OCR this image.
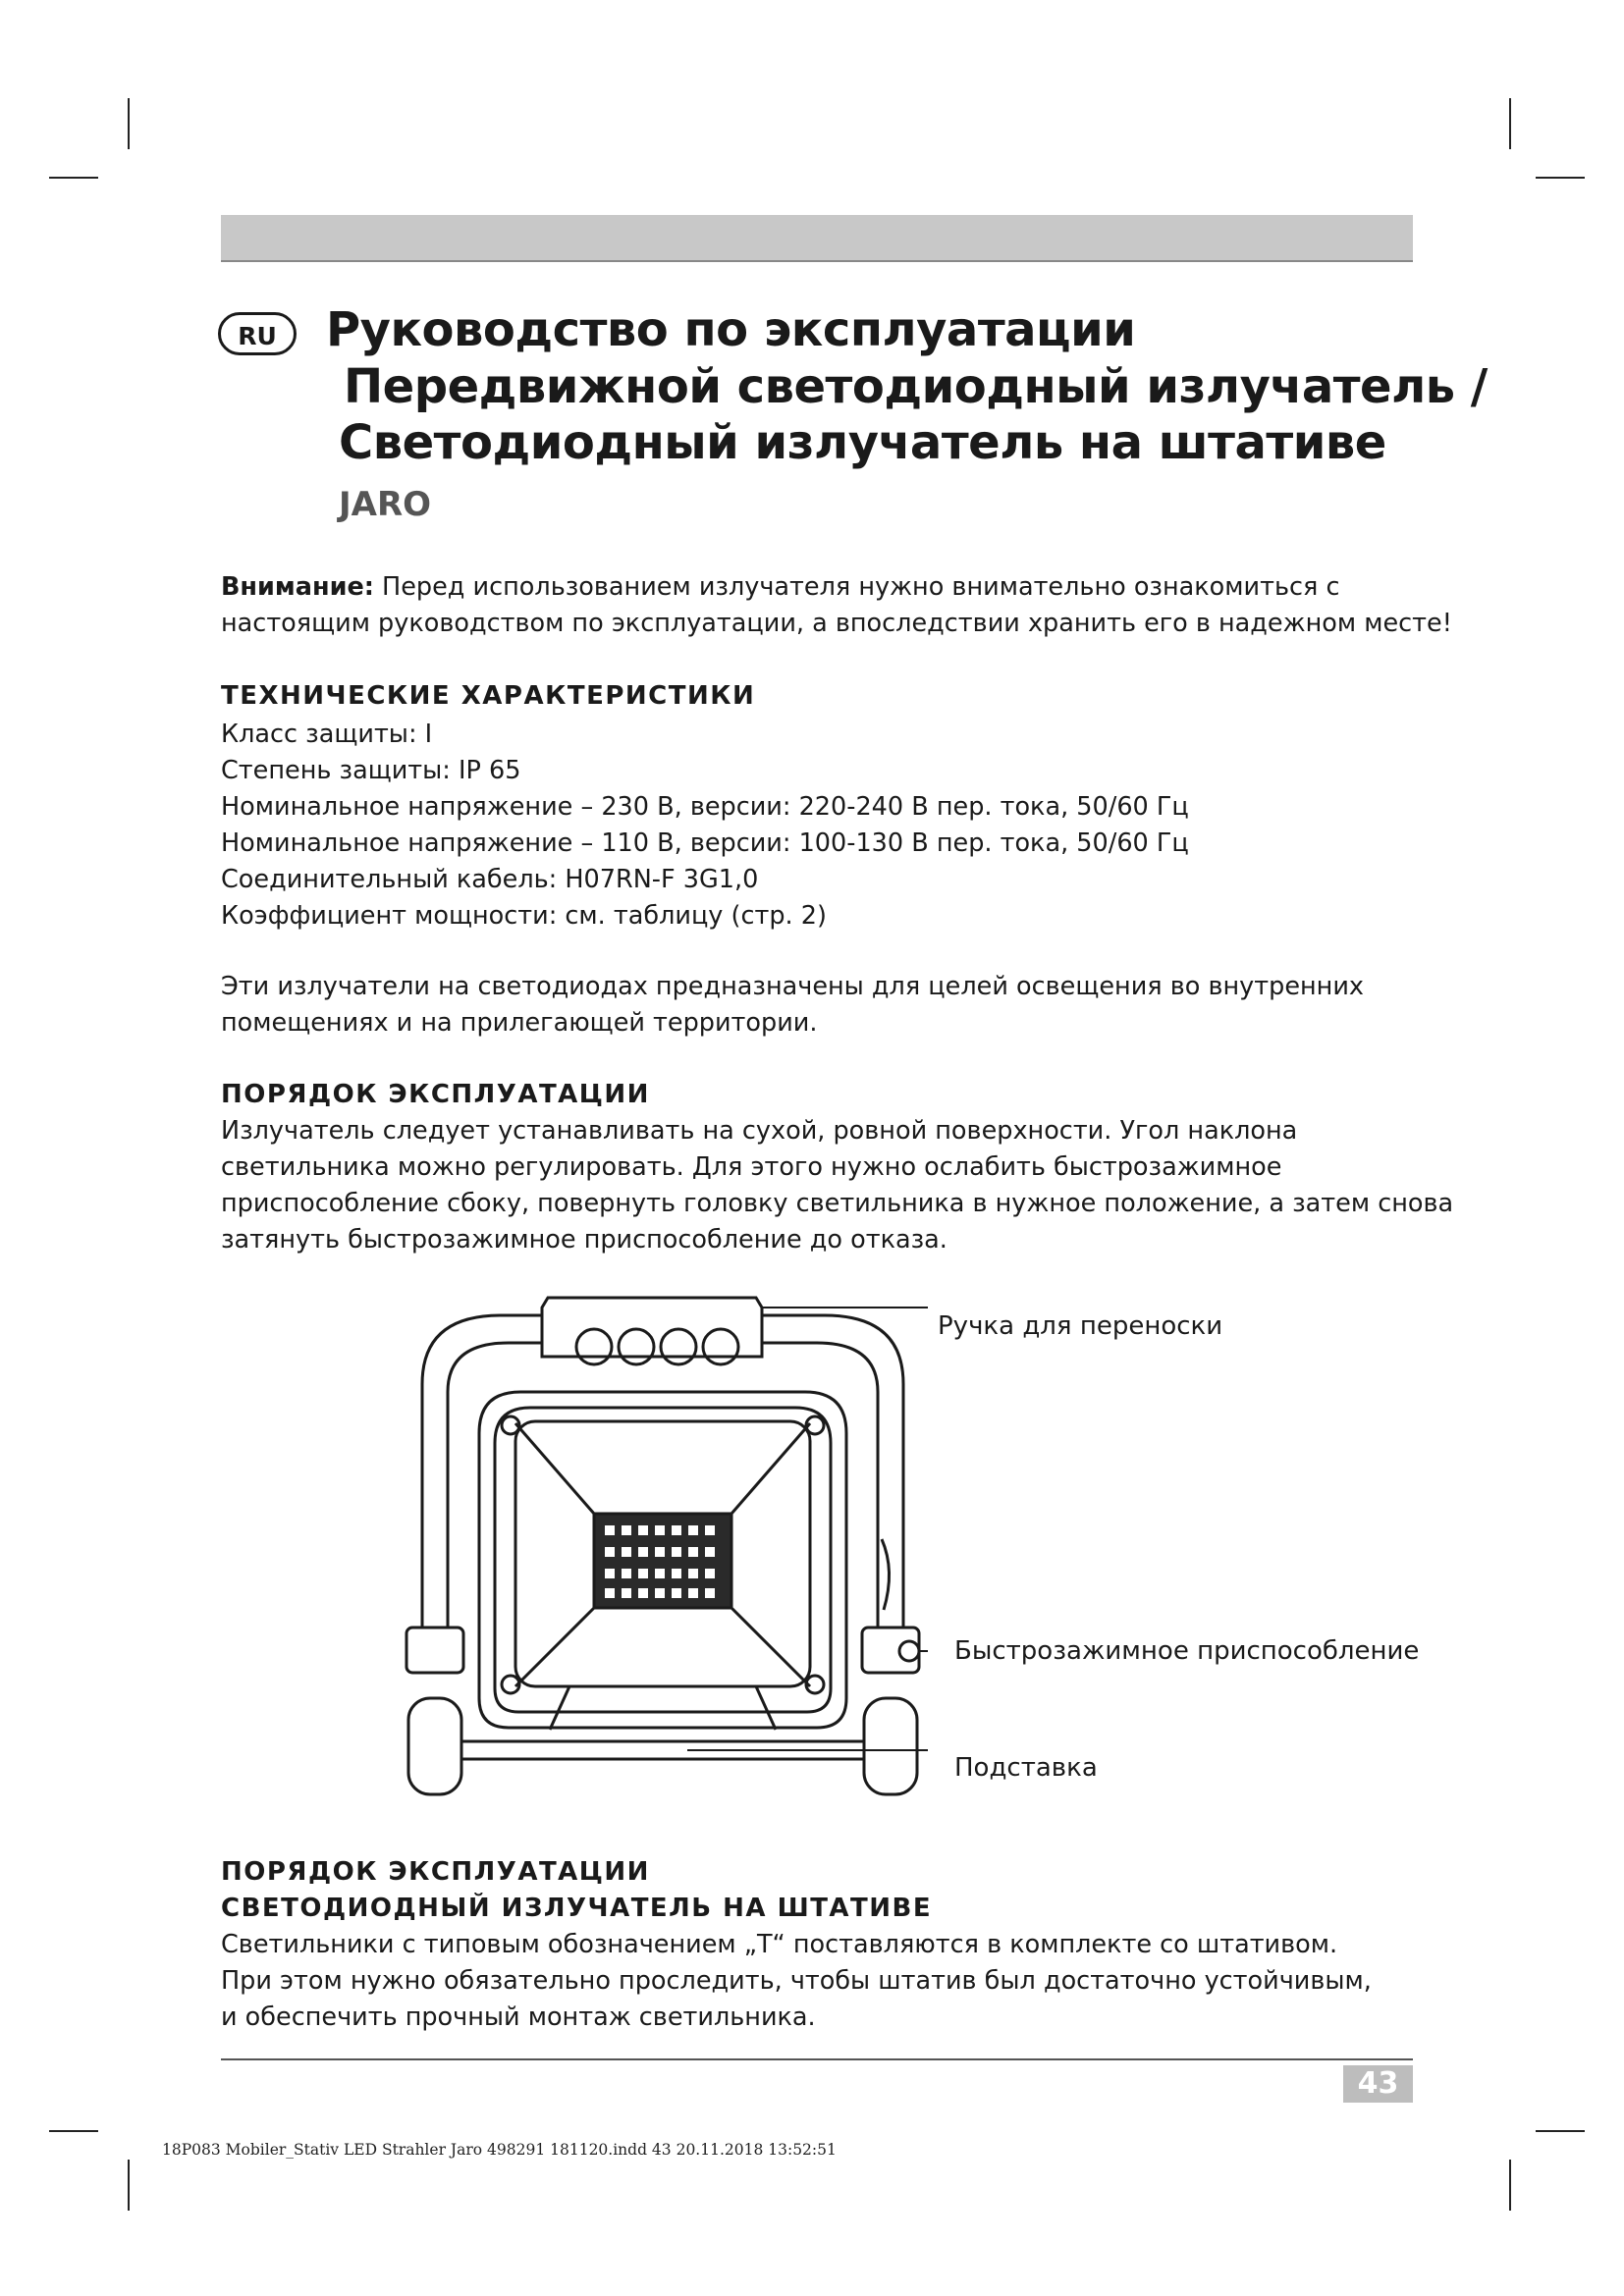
RU	Руководство по эксплуатации
Передвижной светодиодный излучатель /
Светодиодный излучатель на штативе
JARO
Внимание: Перед использованием излучателя нужно внимательно ознакомиться с
настоящим руководством по эксплуатации, а впоследствии хранить его в надежном месте!
ТЕХНИЧЕСКИЕ ХАРАКТЕРИСТИКИ
Класс защиты: I
Степень защиты: IP 65
Номинальное напряжение – 230 В, версии: 220-240 В пер. тока, 50/60 Гц
Номинальное напряжение – 110 В, версии: 100-130 В пер. тока, 50/60 Гц
Соединительный кабель: H07RN-F 3G1,0
Коэффициент мощности: см. таблицу (стр. 2)
Эти излучатели на светодиодах предназначены для целей освещения во внутренних
помещениях и на прилегающей территории.
ПОРЯДОК ЭКСПЛУАТАЦИИ
Излучатель следует устанавливать на сухой, ровной поверхности. Угол наклона
светильника можно регулировать. Для этого нужно ослабить быстрозажимное
приспособление сбоку, повернуть головку светильника в нужное положение, а затем снова
затянуть быстрозажимное приспособление до отказа.
Ручка для переноски
Быстрозажимное приспособление
Подставка
ПОРЯДОК ЭКСПЛУАТАЦИИ
СВЕТОДИОДНЫЙ ИЗЛУЧАТЕЛЬ НА ШТАТИВЕ
Светильники с типовым обозначением „T“ поставляются в комплекте со штативом.
При этом нужно обязательно проследить, чтобы штатив был достаточно устойчивым,
и обеспечить прочный монтаж светильника.
43
18P083 Mobiler_Stativ LED Strahler Jaro 498291 181120.indd 43 20.11.2018 13:52:51
